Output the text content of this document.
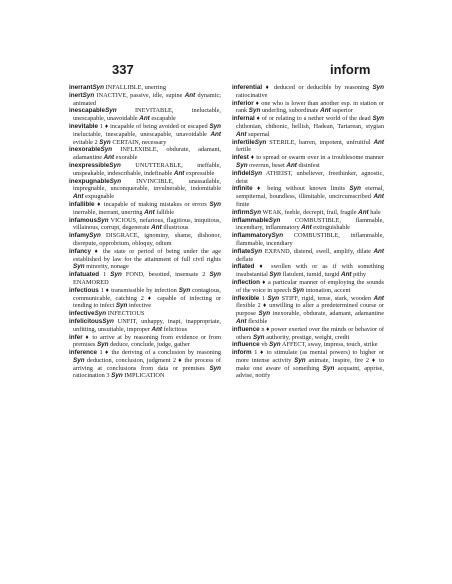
337	inform

inerrantSyn INFALLIBLE, unerring

inertSyn INACTIVE, passive, idle, supine Ant dynamic; animated

inescapableSyn INEVITABLE, ineluctable, unescapable, unavoidable Ant escapable

inevitable 1 ♦ incapable of being avoided or escaped Syn ineluctable, inescapable, unescapable, unavoidable Ant evitable 2 Syn CERTAIN, necessary

inexorableSyn INFLEXIBLE, obdurate, adamant, adamantine Ant exorable

inexpressibleSyn UNUTTERABLE, ineffable, unspeakable, indescribable, indefinable Ant expressible

inexpugnableSyn INVINCIBLE, unassailable, impregnable, unconquerable, invulnerable, indomitable Ant expugnable

infallible ♦ incapable of making mistakes or errors Syn inerrable, inerrant, unerring Ant fallible

infamousSyn VICIOUS, nefarious, flagitious, iniquitous, villainous, corrupt, degenerate Ant illustrious

infamySyn DISGRACE, ignominy, shame, dishonor, disrepute, opprobrium, obloquy, odium

infancy ♦ the state or period of being under the age established by law for the attainment of full civil rights Syn minority, nonage

infatuated 1 Syn FOND, besotted, insensate 2 Syn ENAMORED

infectious 1 ♦ transmissible by infection Syn contagious, communicable, catching 2 ♦ capable of infecting or tending to infect Syn infective

infectiveSyn INFECTIOUS

infelicitousSyn UNFIT, unhappy, inapt, inappropriate, unfitting, unsuitable, improper Ant felicitous

infer ♦ to arrive at by reasoning from evidence or from premises Syn deduce, conclude, judge, gather

inference 1 ♦ the deriving of a conclusion by reasoning Syn deduction, conclusion, judgment 2 ♦ the process of arriving at conclusions from data or premises Syn ratiocination 3 Syn IMPLICATION

inferential ♦ deduced or deducible by reasoning Syn ratiocinative

inferior ♦ one who is lower than another esp. in station or rank Syn underling, subordinate Ant superior

infernal ♦ of or relating to a nether world of the dead Syn chthonian, chthonic, hellish, Hadean, Tartarean, stygian Ant supernal

infertileSyn STERILE, barren, impotent, unfruitful Ant fertile

infest ♦ to spread or swarm over in a troublesome manner Syn overrun, beset Ant disinfest

infidelSyn ATHEIST, unbeliever, freethinker, agnostic, deist

infinite ♦ being without known limits Syn eternal, sempiternal, boundless, illimitable, uncircumscribed Ant finite

infirmSyn WEAK, feeble, decrepit, frail, fragile Ant hale

inflammableSyn COMBUSTIBLE, flammable, incendiary, inflammatory Ant extinguishable

inflammatorySyn COMBUSTIBLE, inflammable, flammable, incendiary

inflateSyn EXPAND, distend, swell, amplify, dilate Ant deflate

inflated ♦ swollen with or as if with something insubstantial Syn flatulent, tumid, turgid Ant pithy

inflection ♦ a particular manner of employing the sounds of the voice in speech Syn intonation, accent

inflexible 1 Syn STIFF, rigid, tense, stark, wooden Ant flexible 2 ♦ unwilling to alter a predetermined course or purpose Syn inexorable, obdurate, adamant, adamantine Ant flexible

influence n ♦ power exerted over the minds or behavior of others Syn authority, prestige, weight, credit

influence vb Syn AFFECT, sway, impress, touch, strike

inform 1 ♦ to stimulate (as mental powers) to higher or more intense activity Syn animate, inspire, fire 2 ♦ to make one aware of something Syn acquaint, apprise, advise, notify
